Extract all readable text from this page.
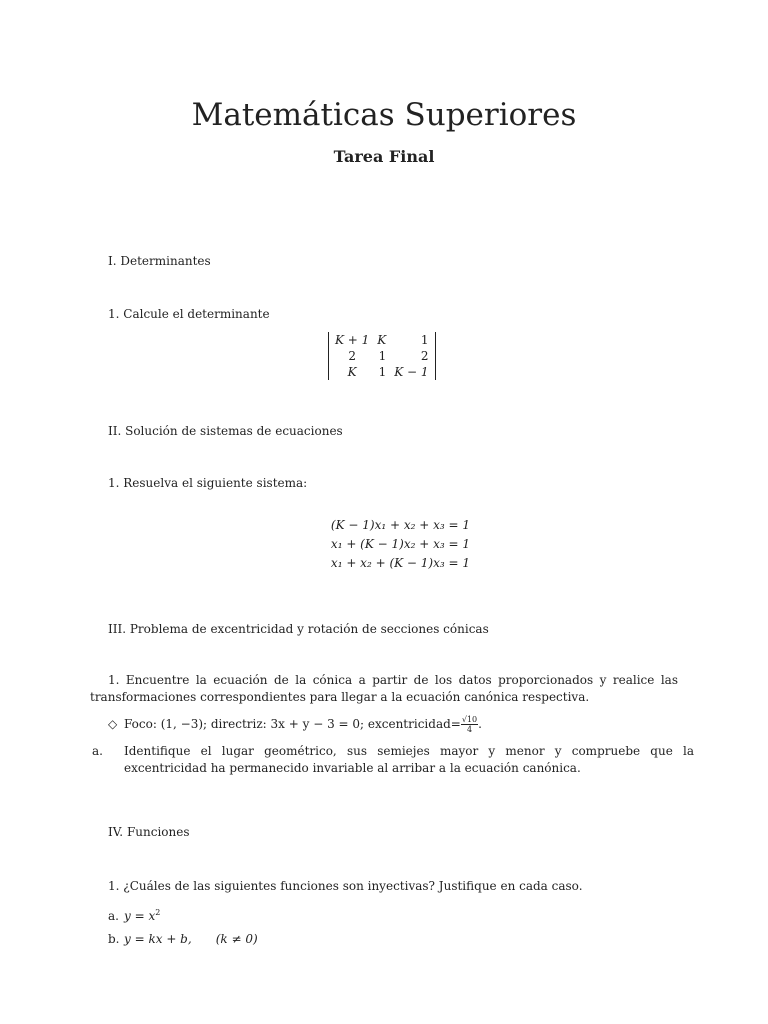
Matemáticas Superiores
Tarea Final
I. Determinantes
1. Calcule el determinante
K + 1	K	1
2	1	2
K	1	K − 1
II. Solución de sistemas de ecuaciones
1. Resuelva el siguiente sistema:
(K − 1)x₁ + x₂ + x₃ = 1
x₁ + (K − 1)x₂ + x₃ = 1
x₁ + x₂ + (K − 1)x₃ = 1
III. Problema de excentricidad y rotación de secciones cónicas
1. Encuentre la ecuación de la cónica a partir de los datos proporcionados y realice las transformaciones correspondientes para llegar a la ecuación canónica respectiva.
◇ Foco: (1, −3); directriz: 3x + y − 3 = 0; excentricidad= $\frac{√10}{4}$ .
a. Identifique el lugar geométrico, sus semiejes mayor y menor y compruebe que la excentricidad ha permanecido invariable al arribar a la ecuación canónica.
IV. Funciones
1. ¿Cuáles de las siguientes funciones son inyectivas? Justifique en cada caso.
a. $y = x^2$
b. y = kx + b, (k ≠ 0)
